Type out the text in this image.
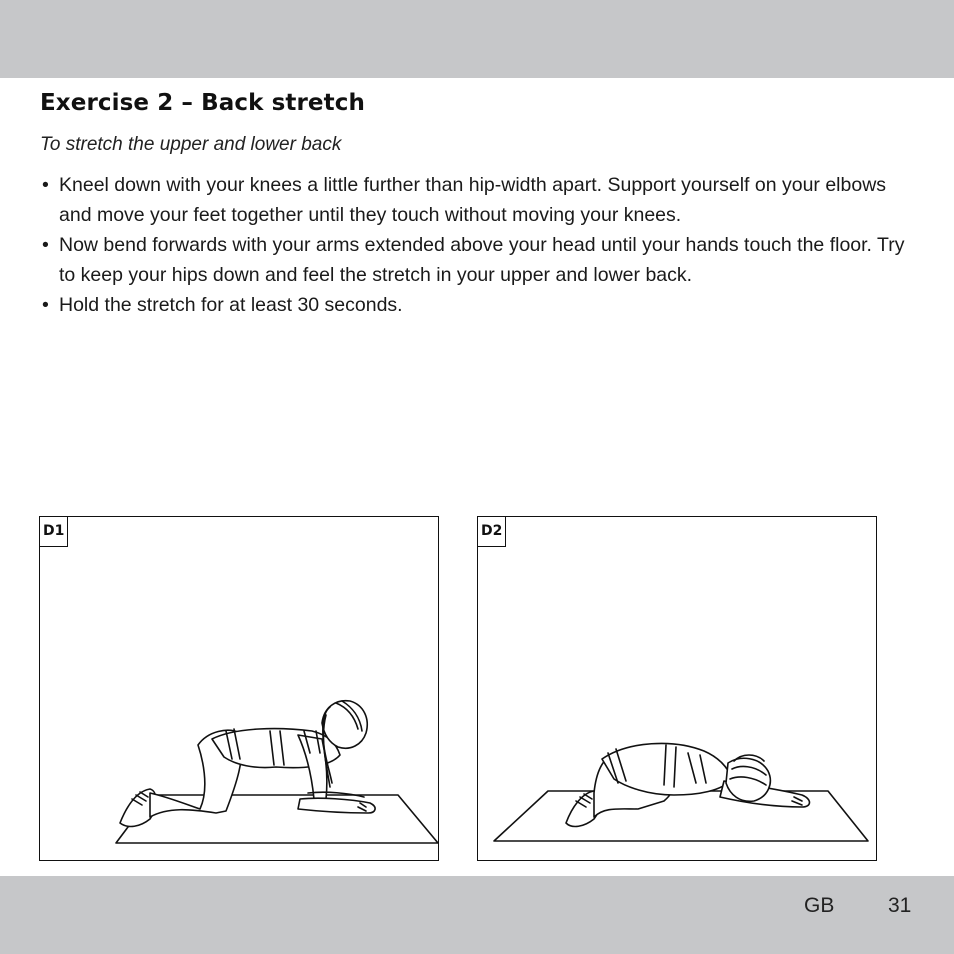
Exercise 2 – Back stretch

To stretch the upper and lower back

• Kneel down with your knees a little further than hip-width apart. Support yourself on your elbows and move your feet together until they touch without moving your knees.
• Now bend forwards with your arms extended above your head until your hands touch the floor. Try to keep your hips down and feel the stretch in your upper and lower back.
• Hold the stretch for at least 30 seconds.
D1	D2
GB	31
